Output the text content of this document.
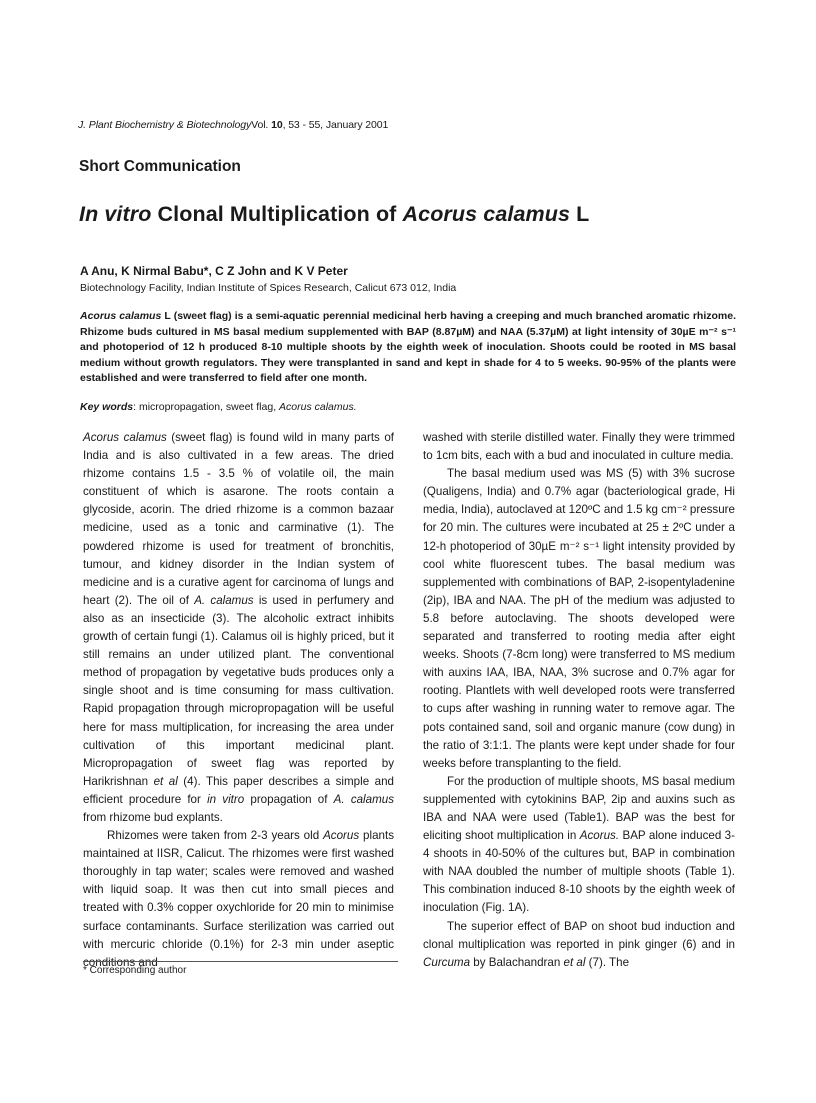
J. Plant Biochemistry & BiotechnologyVol. 10, 53 - 55, January 2001
Short Communication
In vitro Clonal Multiplication of Acorus calamus L
A Anu, K Nirmal Babu*, C Z John and K V Peter
Biotechnology Facility, Indian Institute of Spices Research, Calicut 673 012, India
Acorus calamus L (sweet flag) is a semi-aquatic perennial medicinal herb having a creeping and much branched aromatic rhizome. Rhizome buds cultured in MS basal medium supplemented with BAP (8.87µM) and NAA (5.37µM) at light intensity of 30µE m⁻² s⁻¹ and photoperiod of 12 h produced 8-10 multiple shoots by the eighth week of inoculation. Shoots could be rooted in MS basal medium without growth regulators. They were transplanted in sand and kept in shade for 4 to 5 weeks. 90-95% of the plants were established and were transferred to field after one month.
Key words: micropropagation, sweet flag, Acorus calamus.

Acorus calamus (sweet flag) is found wild in many parts of India and is also cultivated in a few areas. The dried rhizome contains 1.5 - 3.5 % of volatile oil, the main constituent of which is asarone. The roots contain a glycoside, acorin. The dried rhizome is a common bazaar medicine, used as a tonic and carminative (1). The powdered rhizome is used for treatment of bronchitis, tumour, and kidney disorder in the Indian system of medicine and is a curative agent for carcinoma of lungs and heart (2). The oil of A. calamus is used in perfumery and also as an insecticide (3). The alcoholic extract inhibits growth of certain fungi (1). Calamus oil is highly priced, but it still remains an under utilized plant. The conventional method of propagation by vegetative buds produces only a single shoot and is time consuming for mass cultivation. Rapid propagation through micropropagation will be useful here for mass multiplication, for increasing the area under cultivation of this important medicinal plant. Micropropagation of sweet flag was reported by Harikrishnan et al (4). This paper describes a simple and efficient procedure for in vitro propagation of A. calamus from rhizome bud explants.

Rhizomes were taken from 2-3 years old Acorus plants maintained at IISR, Calicut. The rhizomes were first washed thoroughly in tap water; scales were removed and washed with liquid soap. It was then cut into small pieces and treated with 0.3% copper oxychloride for 20 min to minimise surface contaminants. Surface sterilization was carried out with mercuric chloride (0.1%) for 2-3 min under aseptic conditions and

washed with sterile distilled water. Finally they were trimmed to 1cm bits, each with a bud and inoculated in culture media.

The basal medium used was MS (5) with 3% sucrose (Qualigens, India) and 0.7% agar (bacteriological grade, Hi media, India), autoclaved at 120ºC and 1.5 kg cm⁻² pressure for 20 min. The cultures were incubated at 25 ± 2ºC under a 12-h photoperiod of 30µE m⁻² s⁻¹ light intensity provided by cool white fluorescent tubes. The basal medium was supplemented with combinations of BAP, 2-isopentyladenine (2ip), IBA and NAA. The pH of the medium was adjusted to 5.8 before autoclaving. The shoots developed were separated and transferred to rooting media after eight weeks. Shoots (7-8cm long) were transferred to MS medium with auxins IAA, IBA, NAA, 3% sucrose and 0.7% agar for rooting. Plantlets with well developed roots were transferred to cups after washing in running water to remove agar. The pots contained sand, soil and organic manure (cow dung) in the ratio of 3:1:1. The plants were kept under shade for four weeks before transplanting to the field.

For the production of multiple shoots, MS basal medium supplemented with cytokinins BAP, 2ip and auxins such as IBA and NAA were used (Table1). BAP was the best for eliciting shoot multiplication in Acorus. BAP alone induced 3-4 shoots in 40-50% of the cultures but, BAP in combination with NAA doubled the number of multiple shoots (Table 1). This combination induced 8-10 shoots by the eighth week of inoculation (Fig. 1A).

The superior effect of BAP on shoot bud induction and clonal multiplication was reported in pink ginger (6) and in Curcuma by Balachandran et al (7). The

* Corresponding author
